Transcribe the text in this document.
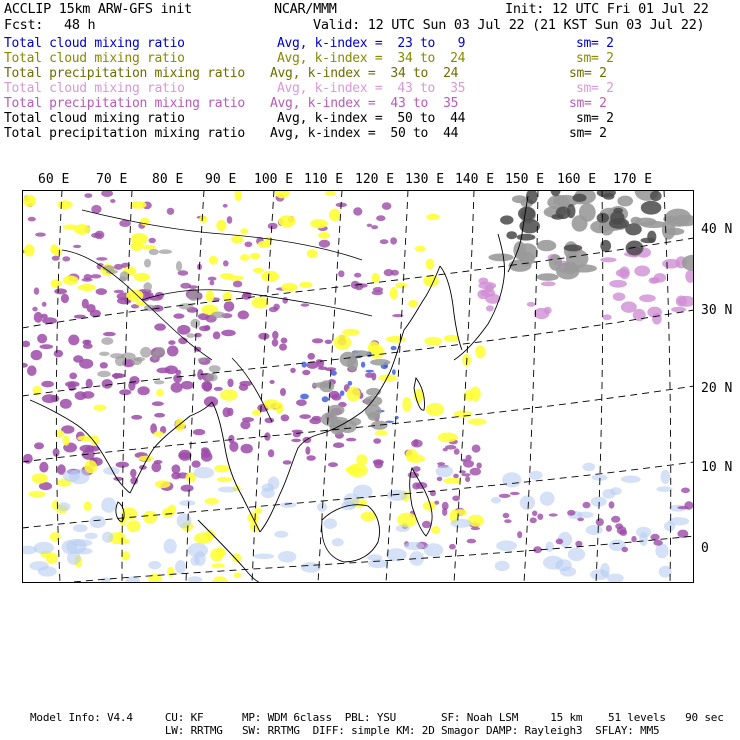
ACCLIP 15km ARW-GFS init	NCAR/MMM	Init: 12 UTC Fri 01 Jul 22
Fcst: 48 h	Valid: 12 UTC Sun 03 Jul 22 (21 KST Sun 03 Jul 22)
Total cloud mixing ratio	Avg, k-index =  23 to   9	sm= 2
Total cloud mixing ratio	Avg, k-index =  34 to  24	sm= 2
Total precipitation mixing ratio Avg, k-index =  34 to  24	sm= 2
Total cloud mixing ratio	Avg, k-index =  43 to  35	sm= 2
Total precipitation mixing ratio Avg, k-index =  43 to  35	sm= 2
Total cloud mixing ratio	Avg, k-index =  50 to  44	sm= 2
Total precipitation mixing ratio Avg, k-index =  50 to  44	sm= 2
60 E 70 E 80 E 90 E 100 E 110 E 120 E 130 E 140 E 150 E 160 E 170 E
40 N
30 N
20 N
10 N
0
Model Info: V4.4     CU: KF      MP: WDM 6class  PBL: YSU       SF: Noah LSM     15 km    51 levels   90 sec
LW: RRTMG   SW: RRTMG  DIFF: simple KM: 2D Smagor DAMP: Rayleigh3  SFLAY: MM5
